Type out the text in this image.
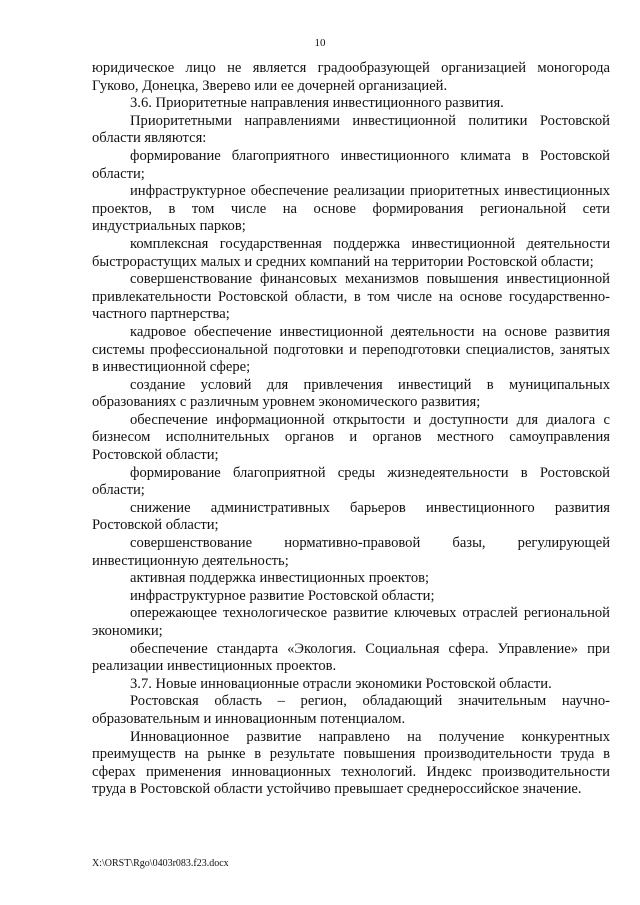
10

юридическое лицо не является градообразующей организацией моногорода Гуково, Донецка, Зверево или ее дочерней организацией.

3.6. Приоритетные направления инвестиционного развития.

Приоритетными направлениями инвестиционной политики Ростовской области являются:

формирование благоприятного инвестиционного климата в Ростовской области;

инфраструктурное обеспечение реализации приоритетных инвестиционных проектов, в том числе на основе формирования региональной сети индустриальных парков;

комплексная государственная поддержка инвестиционной деятельности быстрорастущих малых и средних компаний на территории Ростовской области;

совершенствование финансовых механизмов повышения инвестиционной привлекательности Ростовской области, в том числе на основе государственно-частного партнерства;

кадровое обеспечение инвестиционной деятельности на основе развития системы профессиональной подготовки и переподготовки специалистов, занятых в инвестиционной сфере;

создание условий для привлечения инвестиций в муниципальных образованиях с различным уровнем экономического развития;

обеспечение информационной открытости и доступности для диалога с бизнесом исполнительных органов и органов местного самоуправления Ростовской области;

формирование благоприятной среды жизнедеятельности в Ростовской области;

снижение административных барьеров инвестиционного развития Ростовской области;

совершенствование нормативно-правовой базы, регулирующей инвестиционную деятельность;

активная поддержка инвестиционных проектов;

инфраструктурное развитие Ростовской области;

опережающее технологическое развитие ключевых отраслей региональной экономики;

обеспечение стандарта «Экология. Социальная сфера. Управление» при реализации инвестиционных проектов.

3.7. Новые инновационные отрасли экономики Ростовской области.

Ростовская область – регион, обладающий значительным научно-образовательным и инновационным потенциалом.

Инновационное развитие направлено на получение конкурентных преимуществ на рынке в результате повышения производительности труда в сферах применения инновационных технологий. Индекс производительности труда в Ростовской области устойчиво превышает среднероссийское значение.

X:\ORST\Rgo\0403r083.f23.docx
